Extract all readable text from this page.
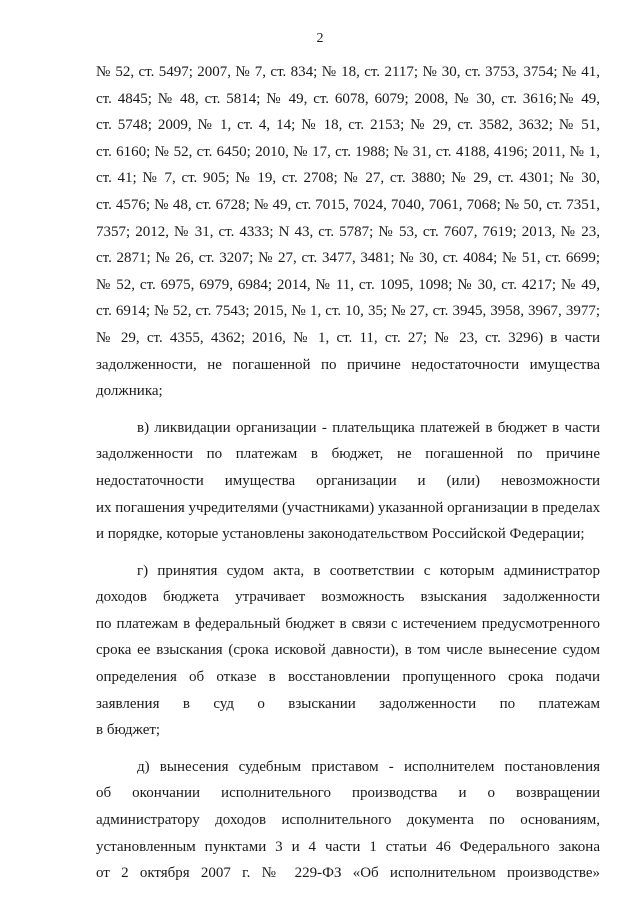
2
№ 52, ст. 5497; 2007, № 7, ст. 834; № 18, ст. 2117; № 30, ст. 3753, 3754; № 41,
ст. 4845; № 48, ст. 5814; № 49, ст. 6078, 6079; 2008, № 30, ст. 3616;№ 49,
ст. 5748; 2009, № 1, ст. 4, 14; № 18, ст. 2153; № 29, ст. 3582, 3632; № 51,
ст. 6160; № 52, ст. 6450; 2010, № 17, ст. 1988; № 31, ст. 4188, 4196; 2011, № 1,
ст. 41; № 7, ст. 905; № 19, ст. 2708; № 27, ст. 3880; № 29, ст. 4301; № 30,
ст. 4576; № 48, ст. 6728; № 49, ст. 7015, 7024, 7040, 7061, 7068; № 50, ст. 7351,
7357; 2012, № 31, ст. 4333; N 43, ст. 5787; № 53, ст. 7607, 7619; 2013, № 23,
ст. 2871; № 26, ст. 3207; № 27, ст. 3477, 3481; № 30, ст. 4084; № 51, ст. 6699;
№ 52, ст. 6975, 6979, 6984; 2014, № 11, ст. 1095, 1098; № 30, ст. 4217; № 49,
ст. 6914; № 52, ст. 7543; 2015, № 1, ст. 10, 35; № 27, ст. 3945, 3958, 3967, 3977;
№ 29, ст. 4355, 4362; 2016, № 1, ст. 11, ст. 27; № 23, ст. 3296) в части
задолженности, не погашенной по причине недостаточности имущества
должника;
в) ликвидации организации - плательщика платежей в бюджет в части
задолженности по платежам в бюджет, не погашенной по причине
недостаточности имущества организации и (или) невозможности
их погашения учредителями (участниками) указанной организации в пределах
и порядке, которые установлены законодательством Российской Федерации;
г) принятия судом акта, в соответствии с которым администратор
доходов бюджета утрачивает возможность взыскания задолженности
по платежам в федеральный бюджет в связи с истечением предусмотренного
срока ее взыскания (срока исковой давности), в том числе вынесение судом
определения об отказе в восстановлении пропущенного срока подачи
заявления в суд о взыскании задолженности по платежам
в бюджет;
д) вынесения судебным приставом - исполнителем постановления
об окончании исполнительного производства и о возвращении
администратору доходов исполнительного документа по основаниям,
установленным пунктами 3 и 4 части 1 статьи 46 Федерального закона
от 2 октября 2007 г. № 229-ФЗ «Об исполнительном производстве»
